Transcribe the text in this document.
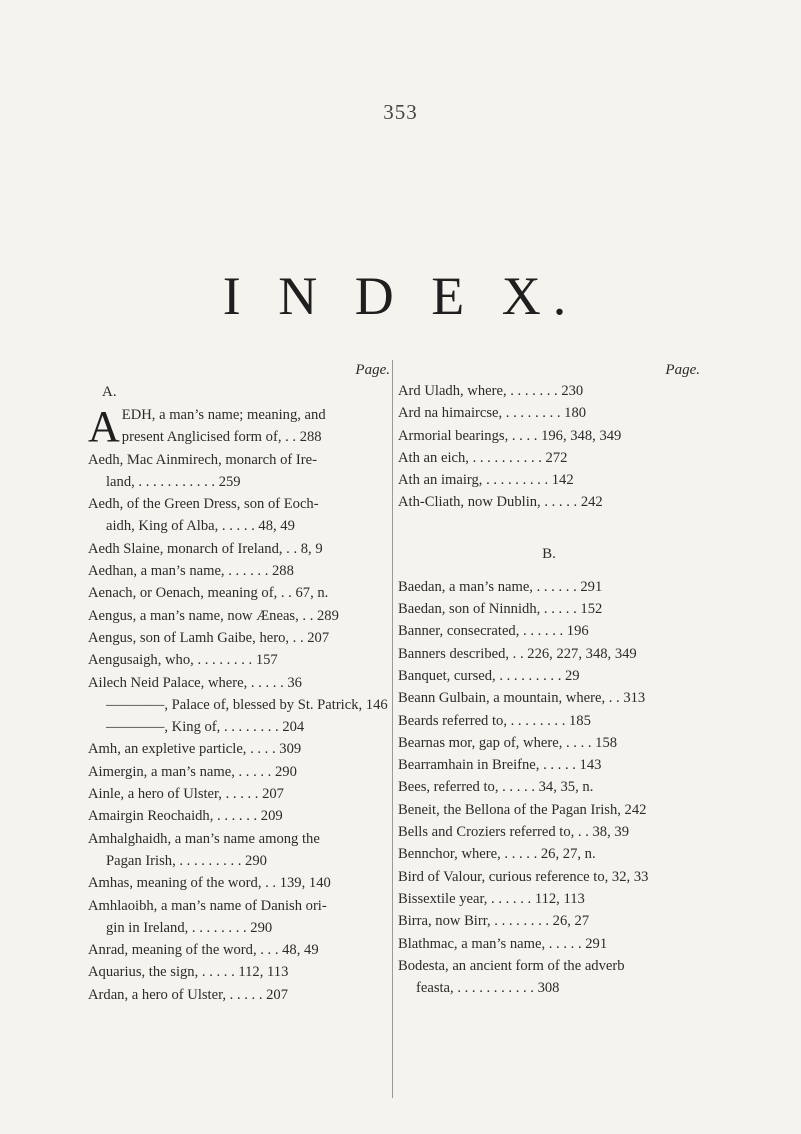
353
I N D E X.
Page.
A.
A EDH, a man’s name; meaning, and
present Anglicised form of, . . 288
Aedh, Mac Ainmirech, monarch of Ire-
land, . . . . . . . . . . . 259
Aedh, of the Green Dress, son of Eoch-
aidh, King of Alba, . . . . . 48, 49
Aedh Slaine, monarch of Ireland, . . 8, 9
Aedhan, a man’s name, . . . . . . 288
Aenach, or Oenach, meaning of, . . 67, n.
Aengus, a man’s name, now Æneas, . . 289
Aengus, son of Lamh Gaibe, hero, . . 207
Aengusaigh, who, . . . . . . . . 157
Ailech Neid Palace, where, . . . . . 36
————, Palace of, blessed by St. Patrick, 146
————, King of, . . . . . . . . 204
Amh, an expletive particle, . . . . 309
Aimergin, a man’s name, . . . . . 290
Ainle, a hero of Ulster, . . . . . 207
Amairgin Reochaidh, . . . . . . 209
Amhalghaidh, a man’s name among the
Pagan Irish, . . . . . . . . . 290
Amhas, meaning of the word, . . 139, 140
Amhlaoibh, a man’s name of Danish ori-
gin in Ireland, . . . . . . . . 290
Anrad, meaning of the word, . . . 48, 49
Aquarius, the sign, . . . . . 112, 113
Ardan, a hero of Ulster, . . . . . 207
Page.
Ard Uladh, where, . . . . . . . 230
Ard na himaircse, . . . . . . . . 180
Armorial bearings, . . . . 196, 348, 349
Ath an eich, . . . . . . . . . . 272
Ath an imairg, . . . . . . . . . 142
Ath-Cliath, now Dublin, . . . . . 242
B.
Baedan, a man’s name, . . . . . . 291
Baedan, son of Ninnidh, . . . . . 152
Banner, consecrated, . . . . . . 196
Banners described, . . 226, 227, 348, 349
Banquet, cursed, . . . . . . . . . 29
Beann Gulbain, a mountain, where, . . 313
Beards referred to, . . . . . . . . 185
Bearnas mor, gap of, where, . . . . 158
Bearramhain in Breifne, . . . . . 143
Bees, referred to, . . . . . 34, 35, n.
Beneit, the Bellona of the Pagan Irish, 242
Bells and Croziers referred to, . . 38, 39
Bennchor, where, . . . . . 26, 27, n.
Bird of Valour, curious reference to, 32, 33
Bissextile year, . . . . . . 112, 113
Birra, now Birr, . . . . . . . . 26, 27
Blathmac, a man’s name, . . . . . 291
Bodesta, an ancient form of the adverb
feasta, . . . . . . . . . . . 308
